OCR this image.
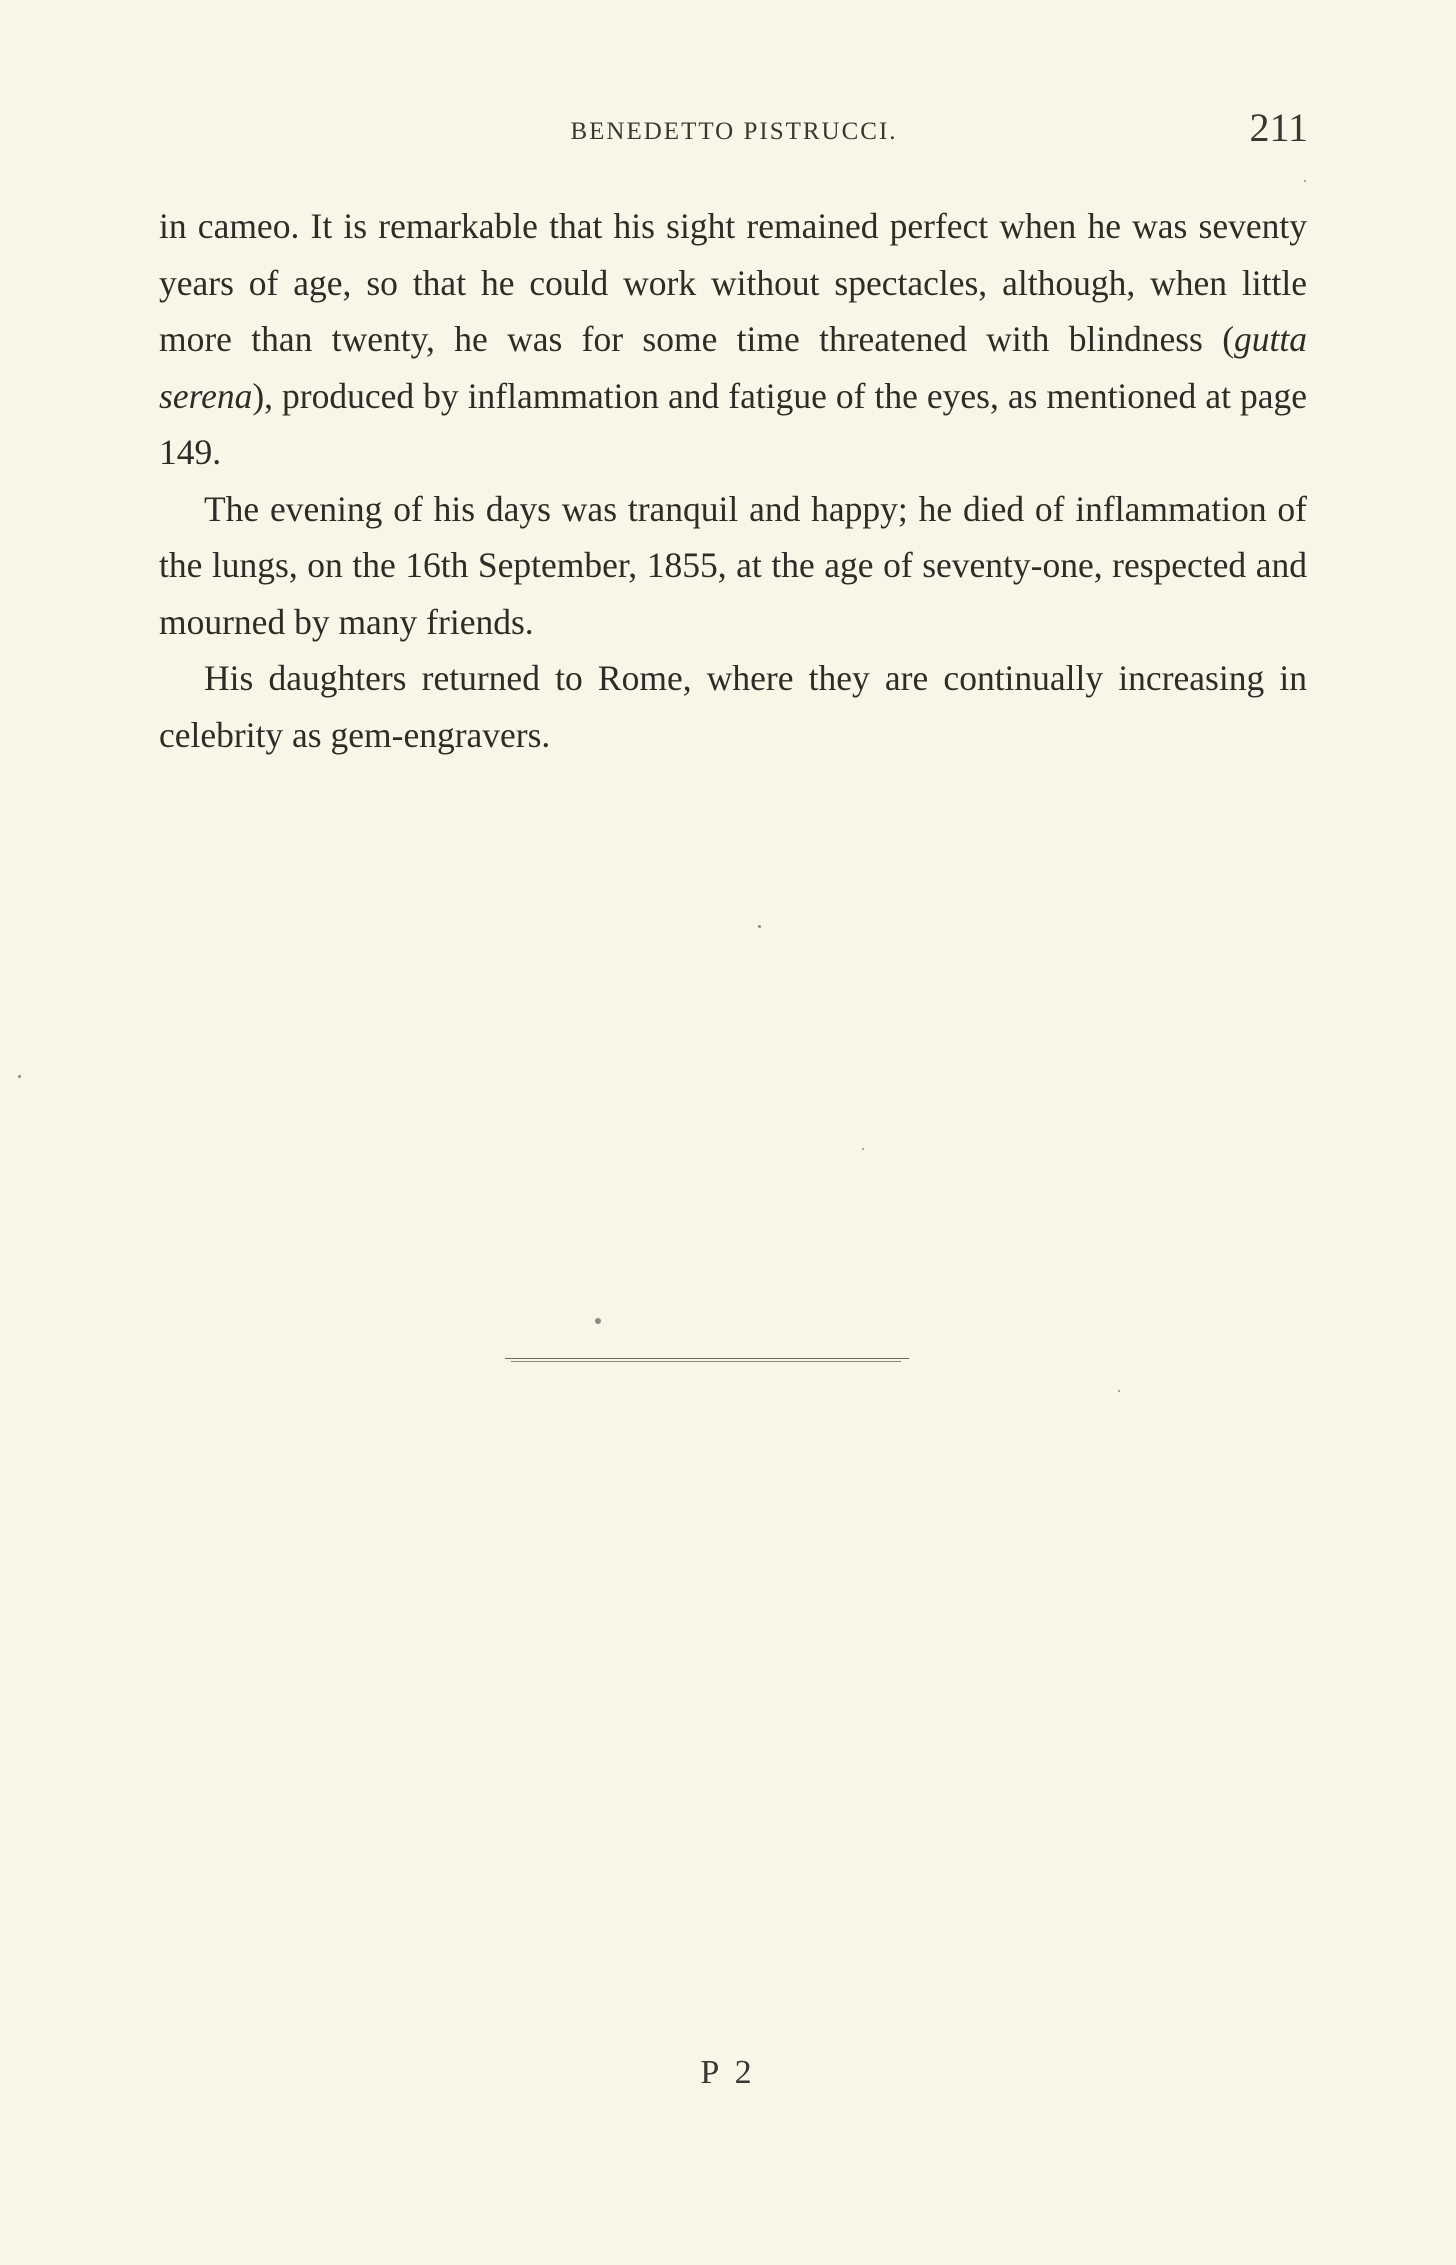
BENEDETTO PISTRUCCI.	211

in cameo. It is remarkable that his sight remained perfect when he was seventy years of age, so that he could work without spectacles, although, when little more than twenty, he was for some time threatened with blindness (gutta serena), produced by inflammation and fatigue of the eyes, as mentioned at page 149.

The evening of his days was tranquil and happy; he died of inflammation of the lungs, on the 16th September, 1855, at the age of seventy-one, respected and mourned by many friends.

His daughters returned to Rome, where they are continually increasing in celebrity as gem-engravers.

P 2
